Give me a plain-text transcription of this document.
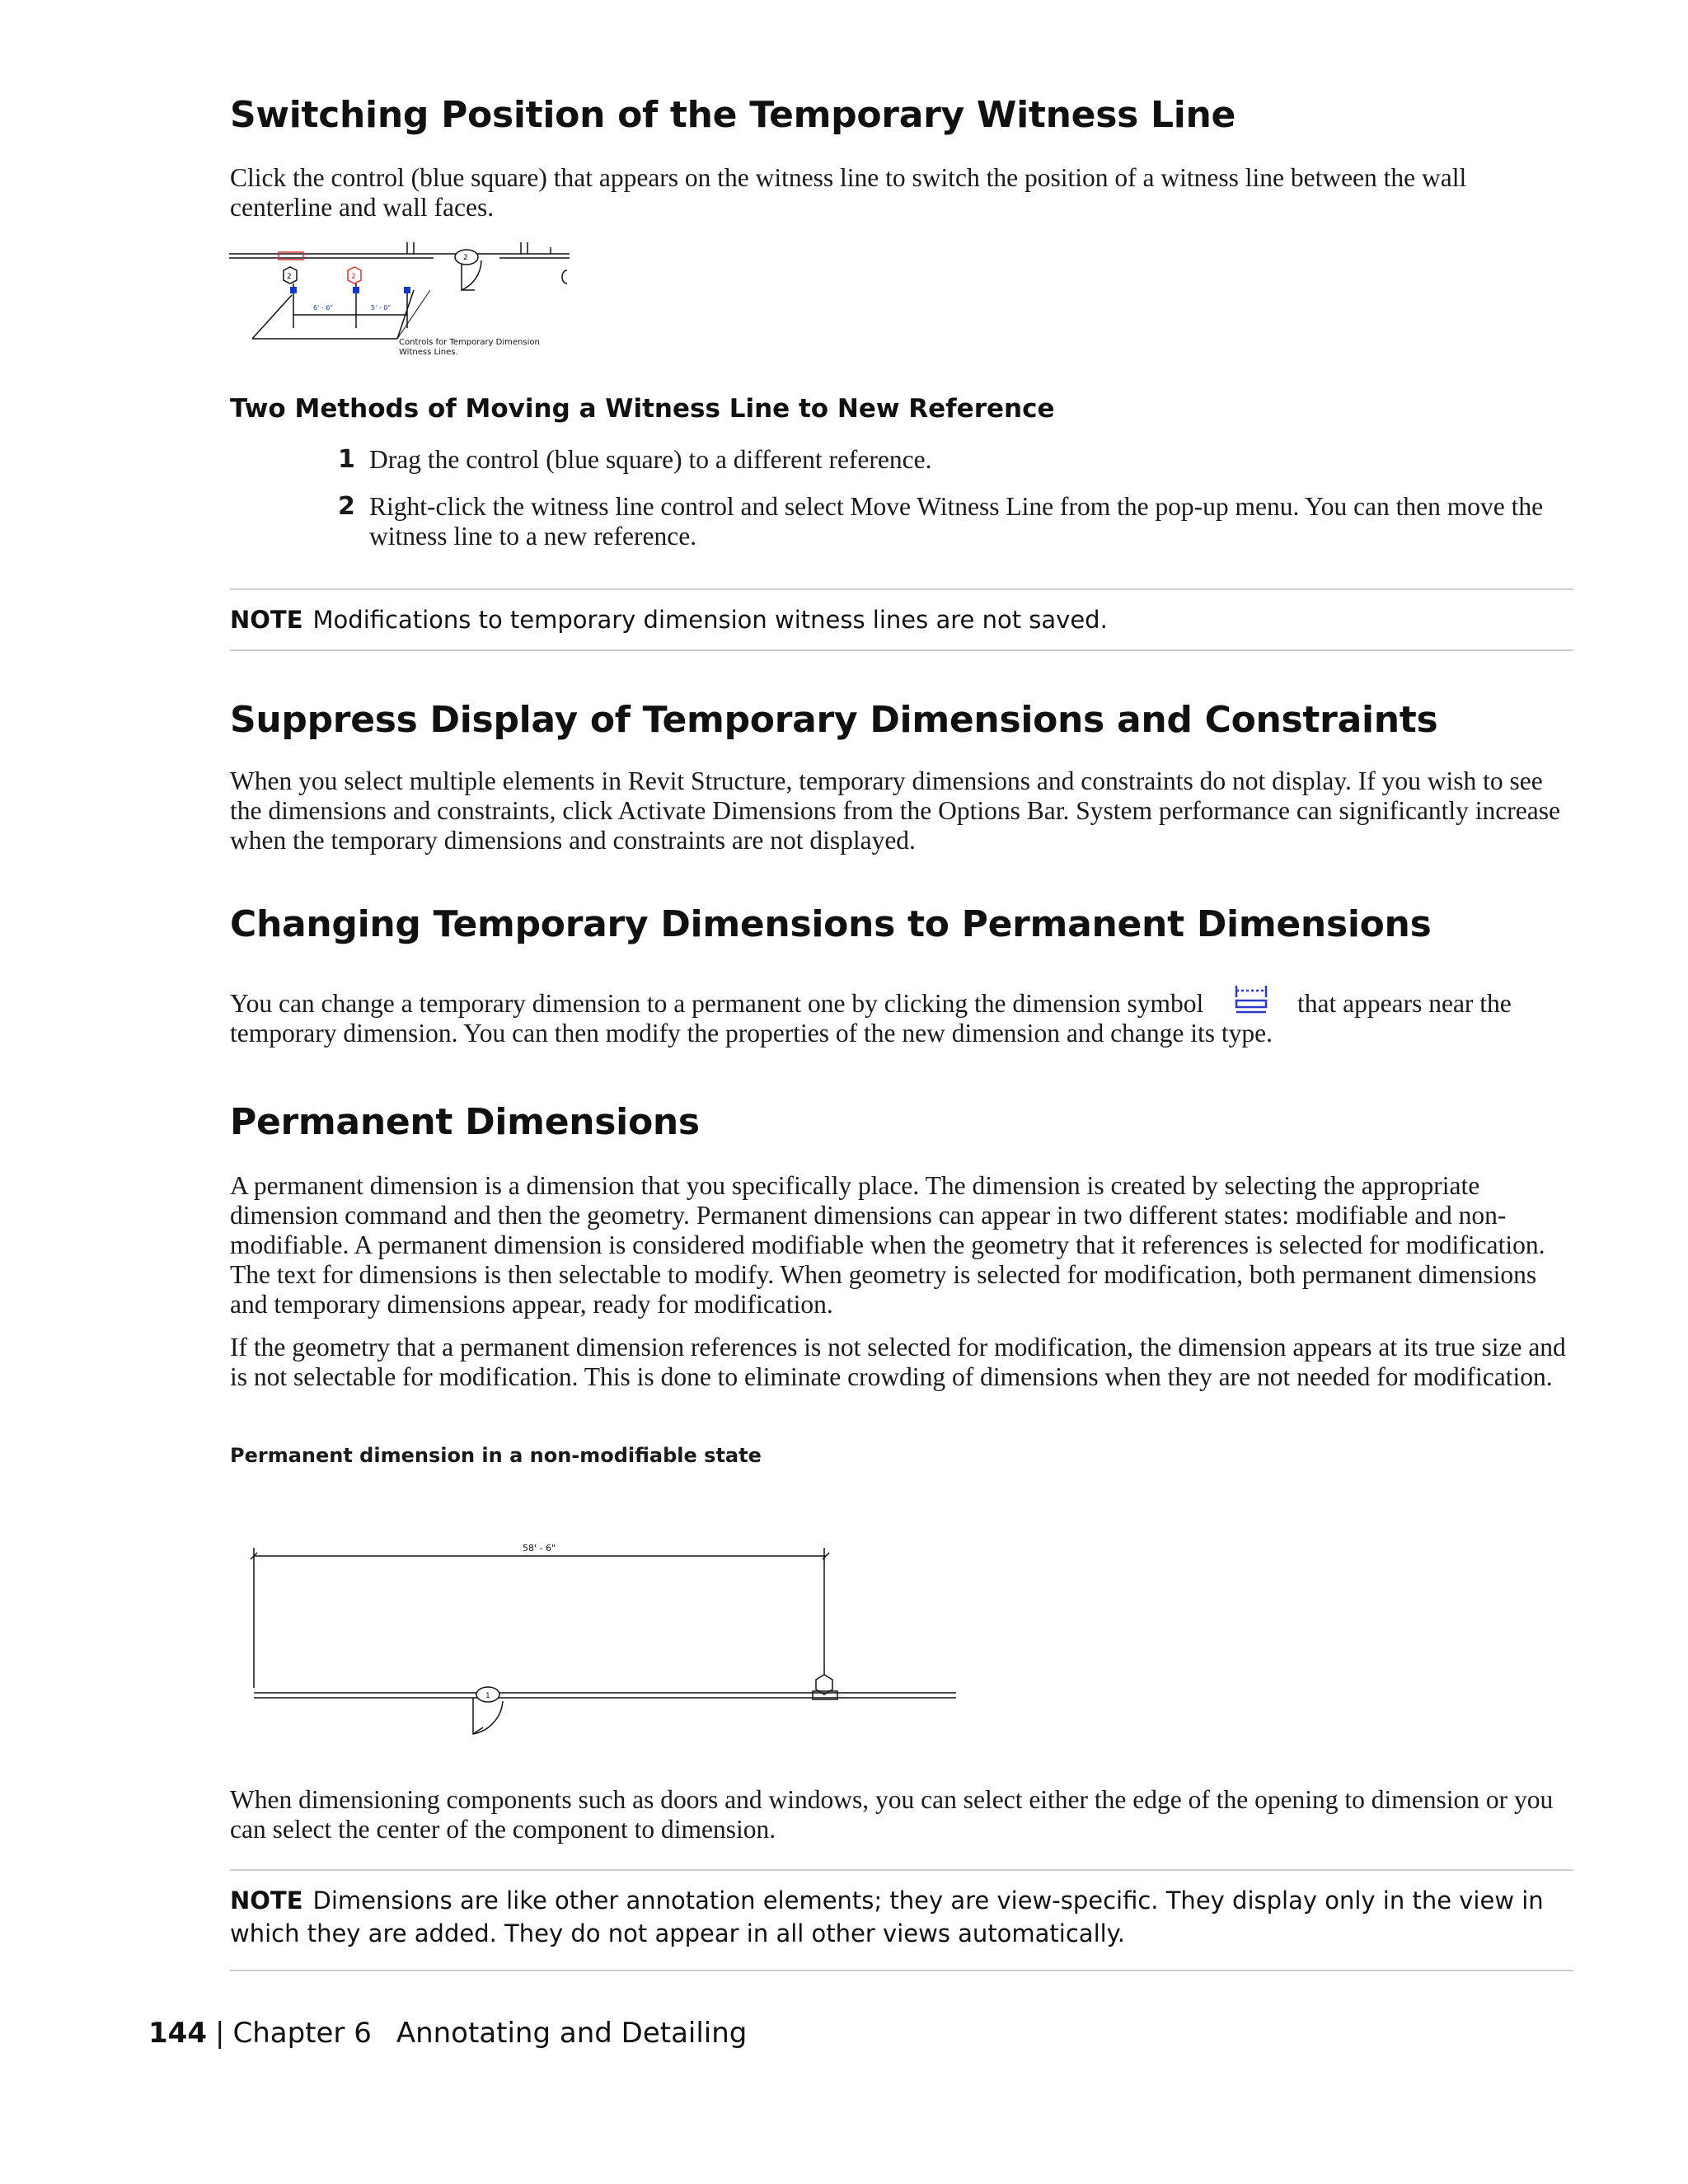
Switching Position of the Temporary Witness Line

Click the control (blue square) that appears on the witness line to switch the position of a witness line between the wall centerline and wall faces.

2	2
2
6' - 6"	5' - 0"
Controls for Temporary Dimension
Witness Lines.
Two Methods of Moving a Witness Line to New Reference
1 Drag the control (blue square) to a different reference.

2 Right-click the witness line control and select Move Witness Line from the pop-up menu. You can then move the witness line to a new reference.

NOTE Modifications to temporary dimension witness lines are not saved.
Suppress Display of Temporary Dimensions and Constraints

When you select multiple elements in Revit Structure, temporary dimensions and constraints do not display. If you wish to see the dimensions and constraints, click Activate Dimensions from the Options Bar. System performance can significantly increase when the temporary dimensions and constraints are not displayed.

Changing Temporary Dimensions to Permanent Dimensions

You can change a temporary dimension to a permanent one by clicking the dimension symbol	that appears near the temporary dimension. You can then modify the properties of the new dimension and change its type.

Permanent Dimensions

A permanent dimension is a dimension that you specifically place. The dimension is created by selecting the appropriate dimension command and then the geometry. Permanent dimensions can appear in two different states: modifiable and non-modifiable. A permanent dimension is considered modifiable when the geometry that it references is selected for modification. The text for dimensions is then selectable to modify. When geometry is selected for modification, both permanent dimensions and temporary dimensions appear, ready for modification.

If the geometry that a permanent dimension references is not selected for modification, the dimension appears at its true size and is not selectable for modification. This is done to eliminate crowding of dimensions when they are not needed for modification.

Permanent dimension in a non-modifiable state
58' - 6"
1

When dimensioning components such as doors and windows, you can select either the edge of the opening to dimension or you can select the center of the component to dimension.

NOTE Dimensions are like other annotation elements; they are view-specific. They display only in the view in which they are added. They do not appear in all other views automatically.
144 | Chapter 6 Annotating and Detailing
